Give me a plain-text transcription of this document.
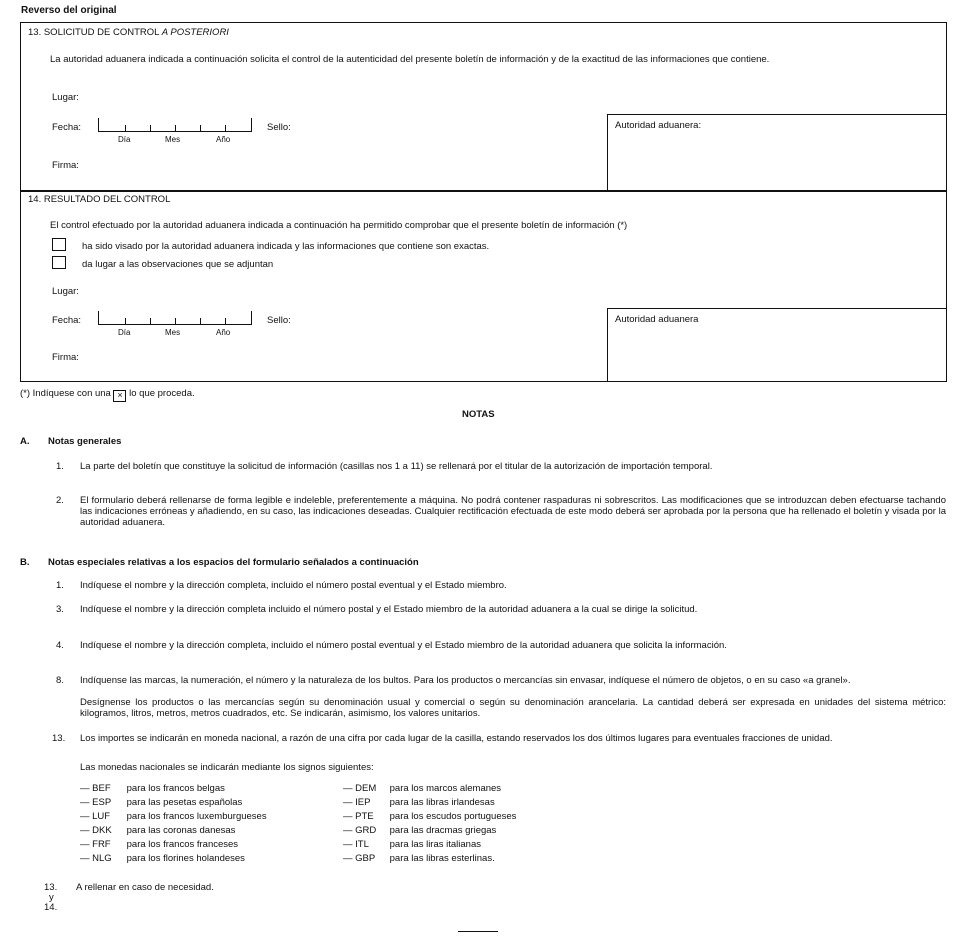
Reverso del original
13. SOLICITUD DE CONTROL A POSTERIORI
La autoridad aduanera indicada a continuación solicita el control de la autenticidad del presente boletín de información y de la exactitud de las informaciones que contiene.
Lugar:
Fecha:
Día	Mes	Año
Sello:
Firma:
Autoridad aduanera:
14. RESULTADO DEL CONTROL
El control efectuado por la autoridad aduanera indicada a continuación ha permitido comprobar que el presente boletín de información (*)
ha sido visado por la autoridad aduanera indicada y las informaciones que contiene son exactas.
da lugar a las observaciones que se adjuntan
Lugar:
Fecha:
Día	Mes	Año
Sello:
Firma:
Autoridad aduanera
(*) Indíquese con una × lo que proceda.
NOTAS
A. Notas generales
1. La parte del boletín que constituye la solicitud de información (casillas nos 1 a 11) se rellenará por el titular de la autorización de importación temporal.
2. El formulario deberá rellenarse de forma legible e indeleble, preferentemente a máquina. No podrá contener raspaduras ni sobrescritos. Las modificaciones que se introduzcan deben efectuarse tachando las indicaciones erróneas y añadiendo, en su caso, las indicaciones deseadas. Cualquier rectificación efectuada de este modo deberá ser aprobada por la persona que ha rellenado el boletín y visada por la autoridad aduanera.
B. Notas especiales relativas a los espacios del formulario señalados a continuación
1. Indíquese el nombre y la dirección completa, incluido el número postal eventual y el Estado miembro.
3. Indíquese el nombre y la dirección completa incluido el número postal y el Estado miembro de la autoridad aduanera a la cual se dirige la solicitud.
4. Indíquese el nombre y la dirección completa, incluido el número postal eventual y el Estado miembro de la autoridad aduanera que solicita la información.
8. Indíquense las marcas, la numeración, el número y la naturaleza de los bultos. Para los productos o mercancías sin envasar, indíquese el número de objetos, o en su caso «a granel».
Desígnense los productos o las mercancías según su denominación usual y comercial o según su denominación arancelaria. La cantidad deberá ser expresada en unidades del sistema métrico: kilogramos, litros, metros, metros cuadrados, etc. Se indicarán, asimismo, los valores unitarios.
13. Los importes se indicarán en moneda nacional, a razón de una cifra por cada lugar de la casilla, estando reservados los dos últimos lugares para eventuales fracciones de unidad.
Las monedas nacionales se indicarán mediante los signos siguientes:
— BEF para los francos belgas
— ESP para las pesetas españolas
— LUF para los francos luxemburgueses
— DKK para las coronas danesas
— FRF para los francos franceses
— NLG para los florines holandeses
— DEM para los marcos alemanes
— IEP para las libras irlandesas
— PTE para los escudos portugueses
— GRD para las dracmas griegas
— ITL para las liras italianas
— GBP para las libras esterlinas.
13.
y
14.
A rellenar en caso de necesidad.
